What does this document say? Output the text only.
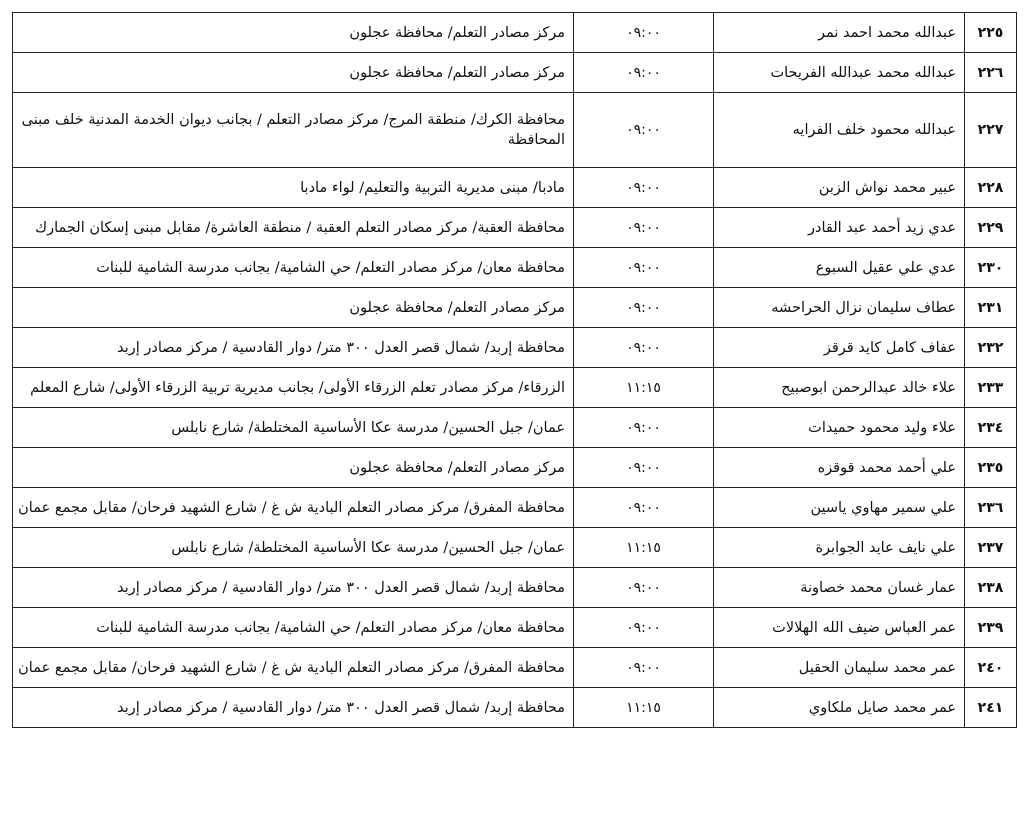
٢٢٥	عبدالله محمد احمد نمر	٠٩:٠٠	مركز مصادر التعلم/ محافظة عجلون
٢٢٦	عبدالله محمد عبدالله الفريحات	٠٩:٠٠	مركز مصادر التعلم/ محافظة عجلون
٢٢٧	عبدالله محمود خلف الفرايه	٠٩:٠٠	محافظة الكرك/ منطقة المرج/ مركز مصادر التعلم / بجانب ديوان الخدمة المدنية خلف مبنى المحافظة
٢٢٨	عبير محمد نواش الزبن	٠٩:٠٠	مادبا/ مبنى مديرية التربية والتعليم/ لواء مادبا
٢٢٩	عدي زيد أحمد عبد القادر	٠٩:٠٠	محافظة العقبة/ مركز مصادر التعلم العقبة / منطقة العاشرة/ مقابل مبنى إسكان الجمارك
٢٣٠	عدي علي عقيل السبوع	٠٩:٠٠	محافظة معان/ مركز مصادر التعلم/ حي الشامية/ بجانب مدرسة الشامية للبنات
٢٣١	عطاف سليمان نزال الحراحشه	٠٩:٠٠	مركز مصادر التعلم/ محافظة عجلون
٢٣٢	عفاف كامل كايد قرقز	٠٩:٠٠	محافظة إربد/ شمال قصر العدل ٣٠٠ متر/ دوار القادسية / مركز مصادر إربد
٢٣٣	علاء خالد عبدالرحمن ابوصبيح	١١:١٥	الزرقاء/ مركز مصادر تعلم الزرقاء الأولى/ بجانب مديرية تربية الزرقاء الأولى/ شارع المعلم
٢٣٤	علاء وليد محمود حميدات	٠٩:٠٠	عمان/ جبل الحسين/ مدرسة عكا الأساسية المختلطة/ شارع نابلس
٢٣٥	علي أحمد محمد قوقزه	٠٩:٠٠	مركز مصادر التعلم/ محافظة عجلون
٢٣٦	علي سمير مهاوي ياسين	٠٩:٠٠	محافظة المفرق/ مركز مصادر التعلم البادية ش غ / شارع الشهيد فرحان/ مقابل مجمع عمان
٢٣٧	علي نايف عايد الجوابرة	١١:١٥	عمان/ جبل الحسين/ مدرسة عكا الأساسية المختلطة/ شارع نابلس
٢٣٨	عمار غسان محمد خصاونة	٠٩:٠٠	محافظة إربد/ شمال قصر العدل ٣٠٠ متر/ دوار القادسية / مركز مصادر إربد
٢٣٩	عمر العباس ضيف الله الهلالات	٠٩:٠٠	محافظة معان/ مركز مصادر التعلم/ حي الشامية/ بجانب مدرسة الشامية للبنات
٢٤٠	عمر محمد سليمان الحقيل	٠٩:٠٠	محافظة المفرق/ مركز مصادر التعلم البادية ش غ / شارع الشهيد فرحان/ مقابل مجمع عمان
٢٤١	عمر محمد صايل ملكاوي	١١:١٥	محافظة إربد/ شمال قصر العدل ٣٠٠ متر/ دوار القادسية / مركز مصادر إربد
